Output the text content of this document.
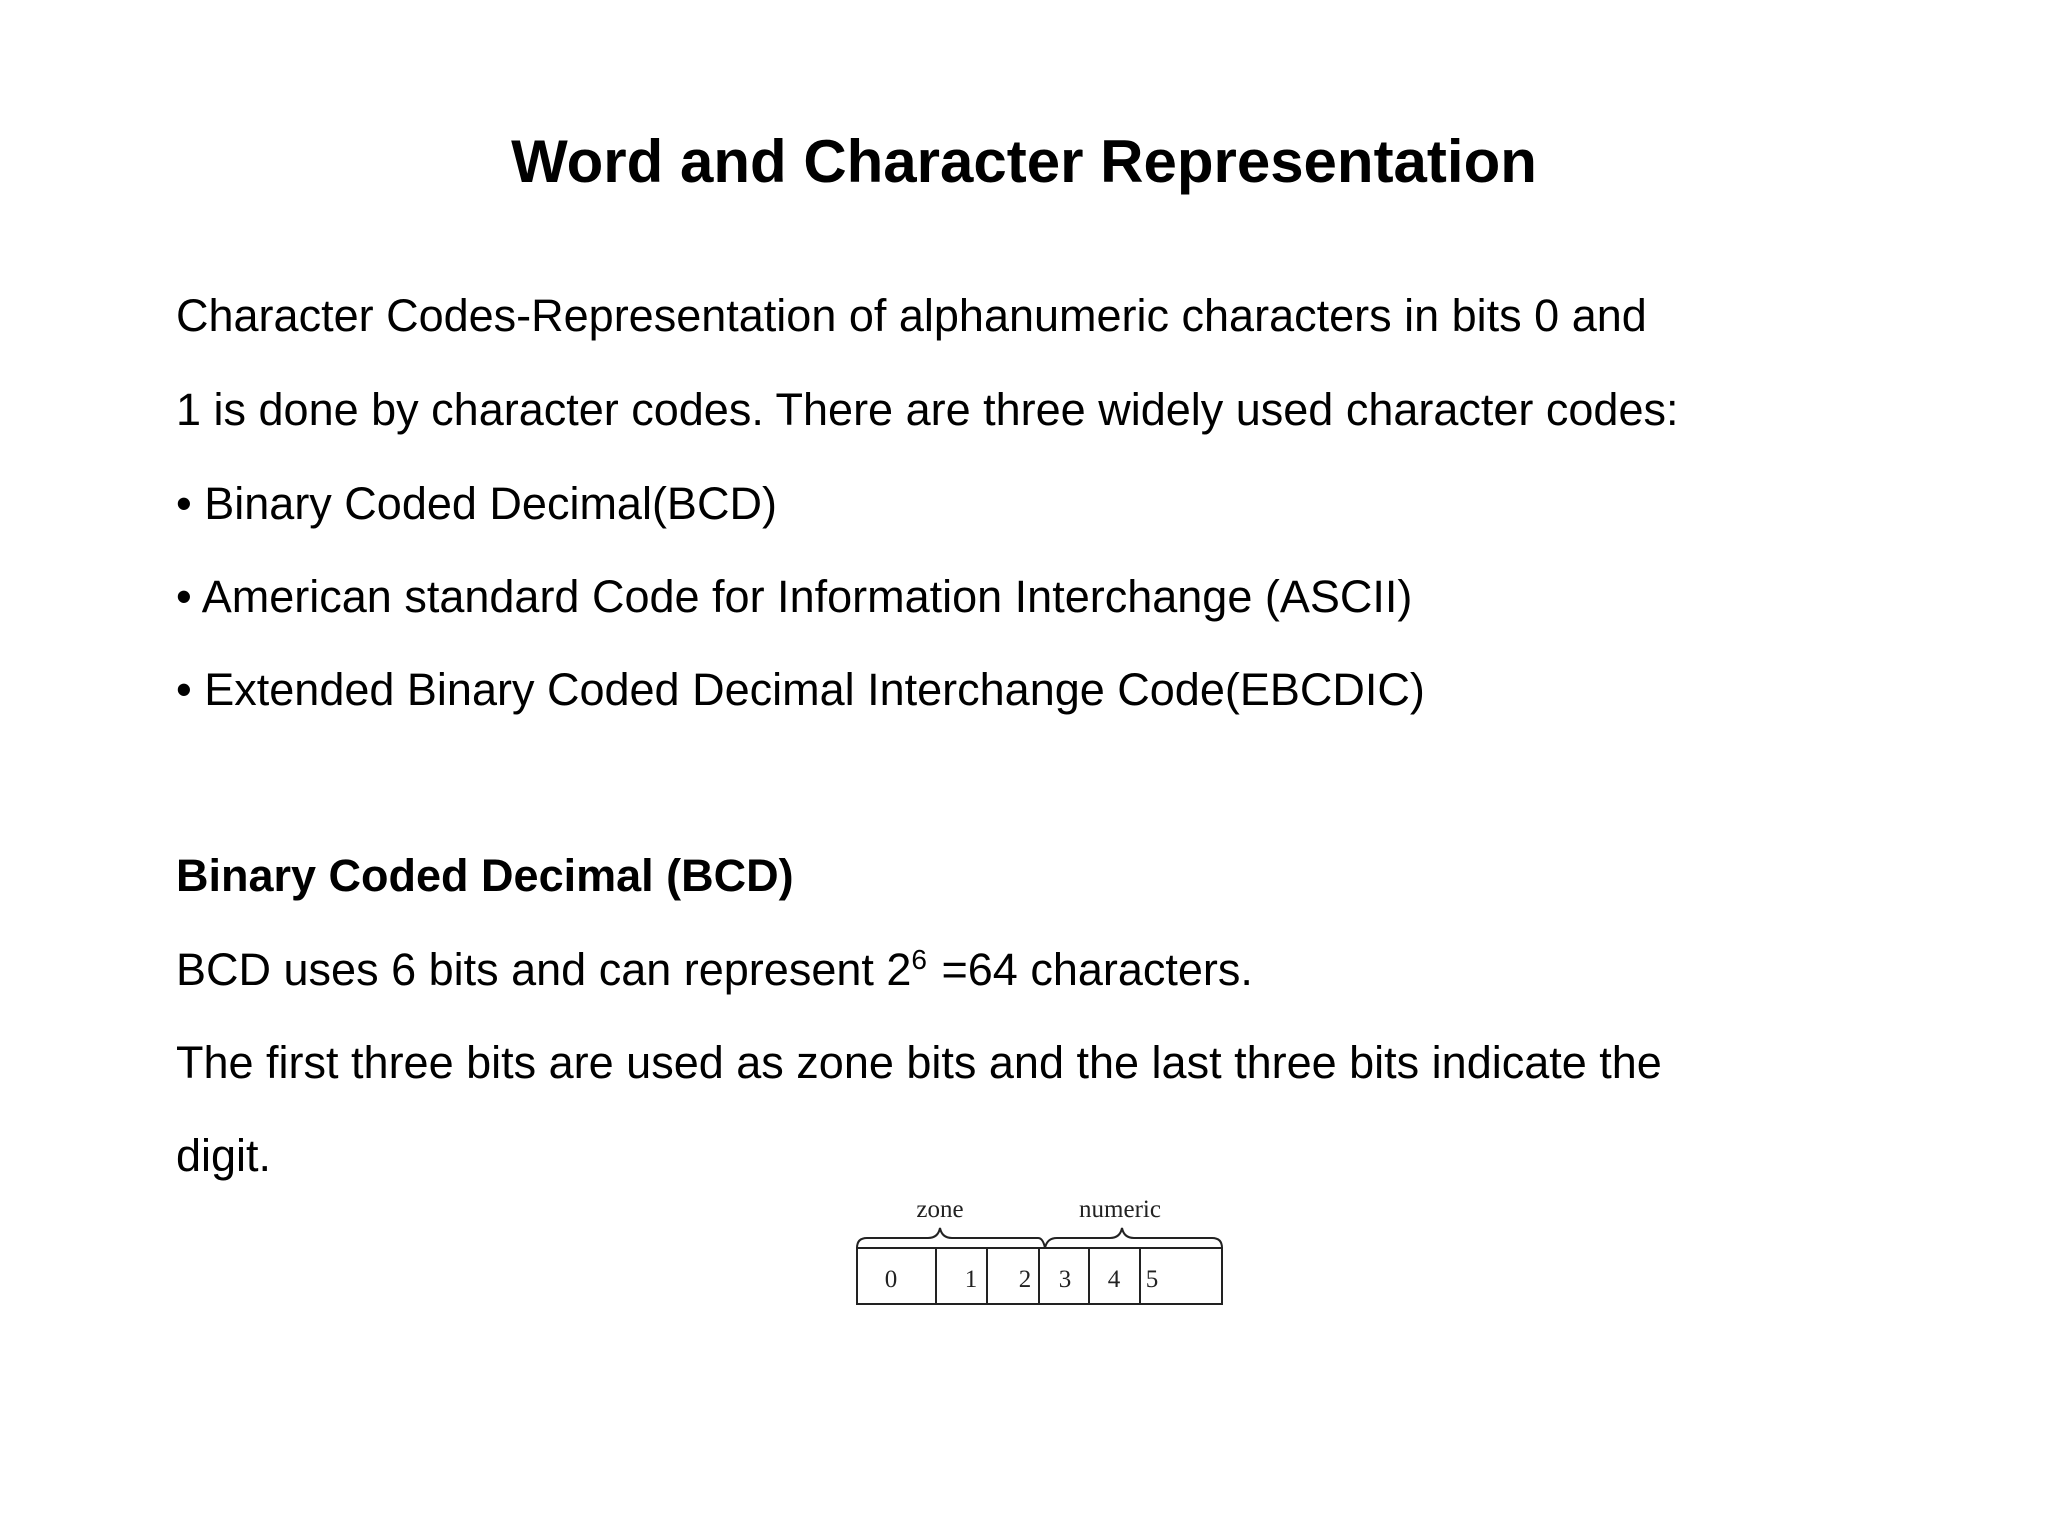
Word and Character Representation
Character Codes-Representation of alphanumeric characters in bits 0 and
1 is done by character codes. There are three widely used character codes:
• Binary Coded Decimal(BCD)
• American standard Code for Information Interchange (ASCII)
• Extended Binary Coded Decimal Interchange Code(EBCDIC)
Binary Coded Decimal (BCD)
BCD uses 6 bits and can represent $2^6 =64$ characters.
The first three bits are used as zone bits and the last three bits indicate the
digit.
zone	numeric
0	1 2 3 4 5
